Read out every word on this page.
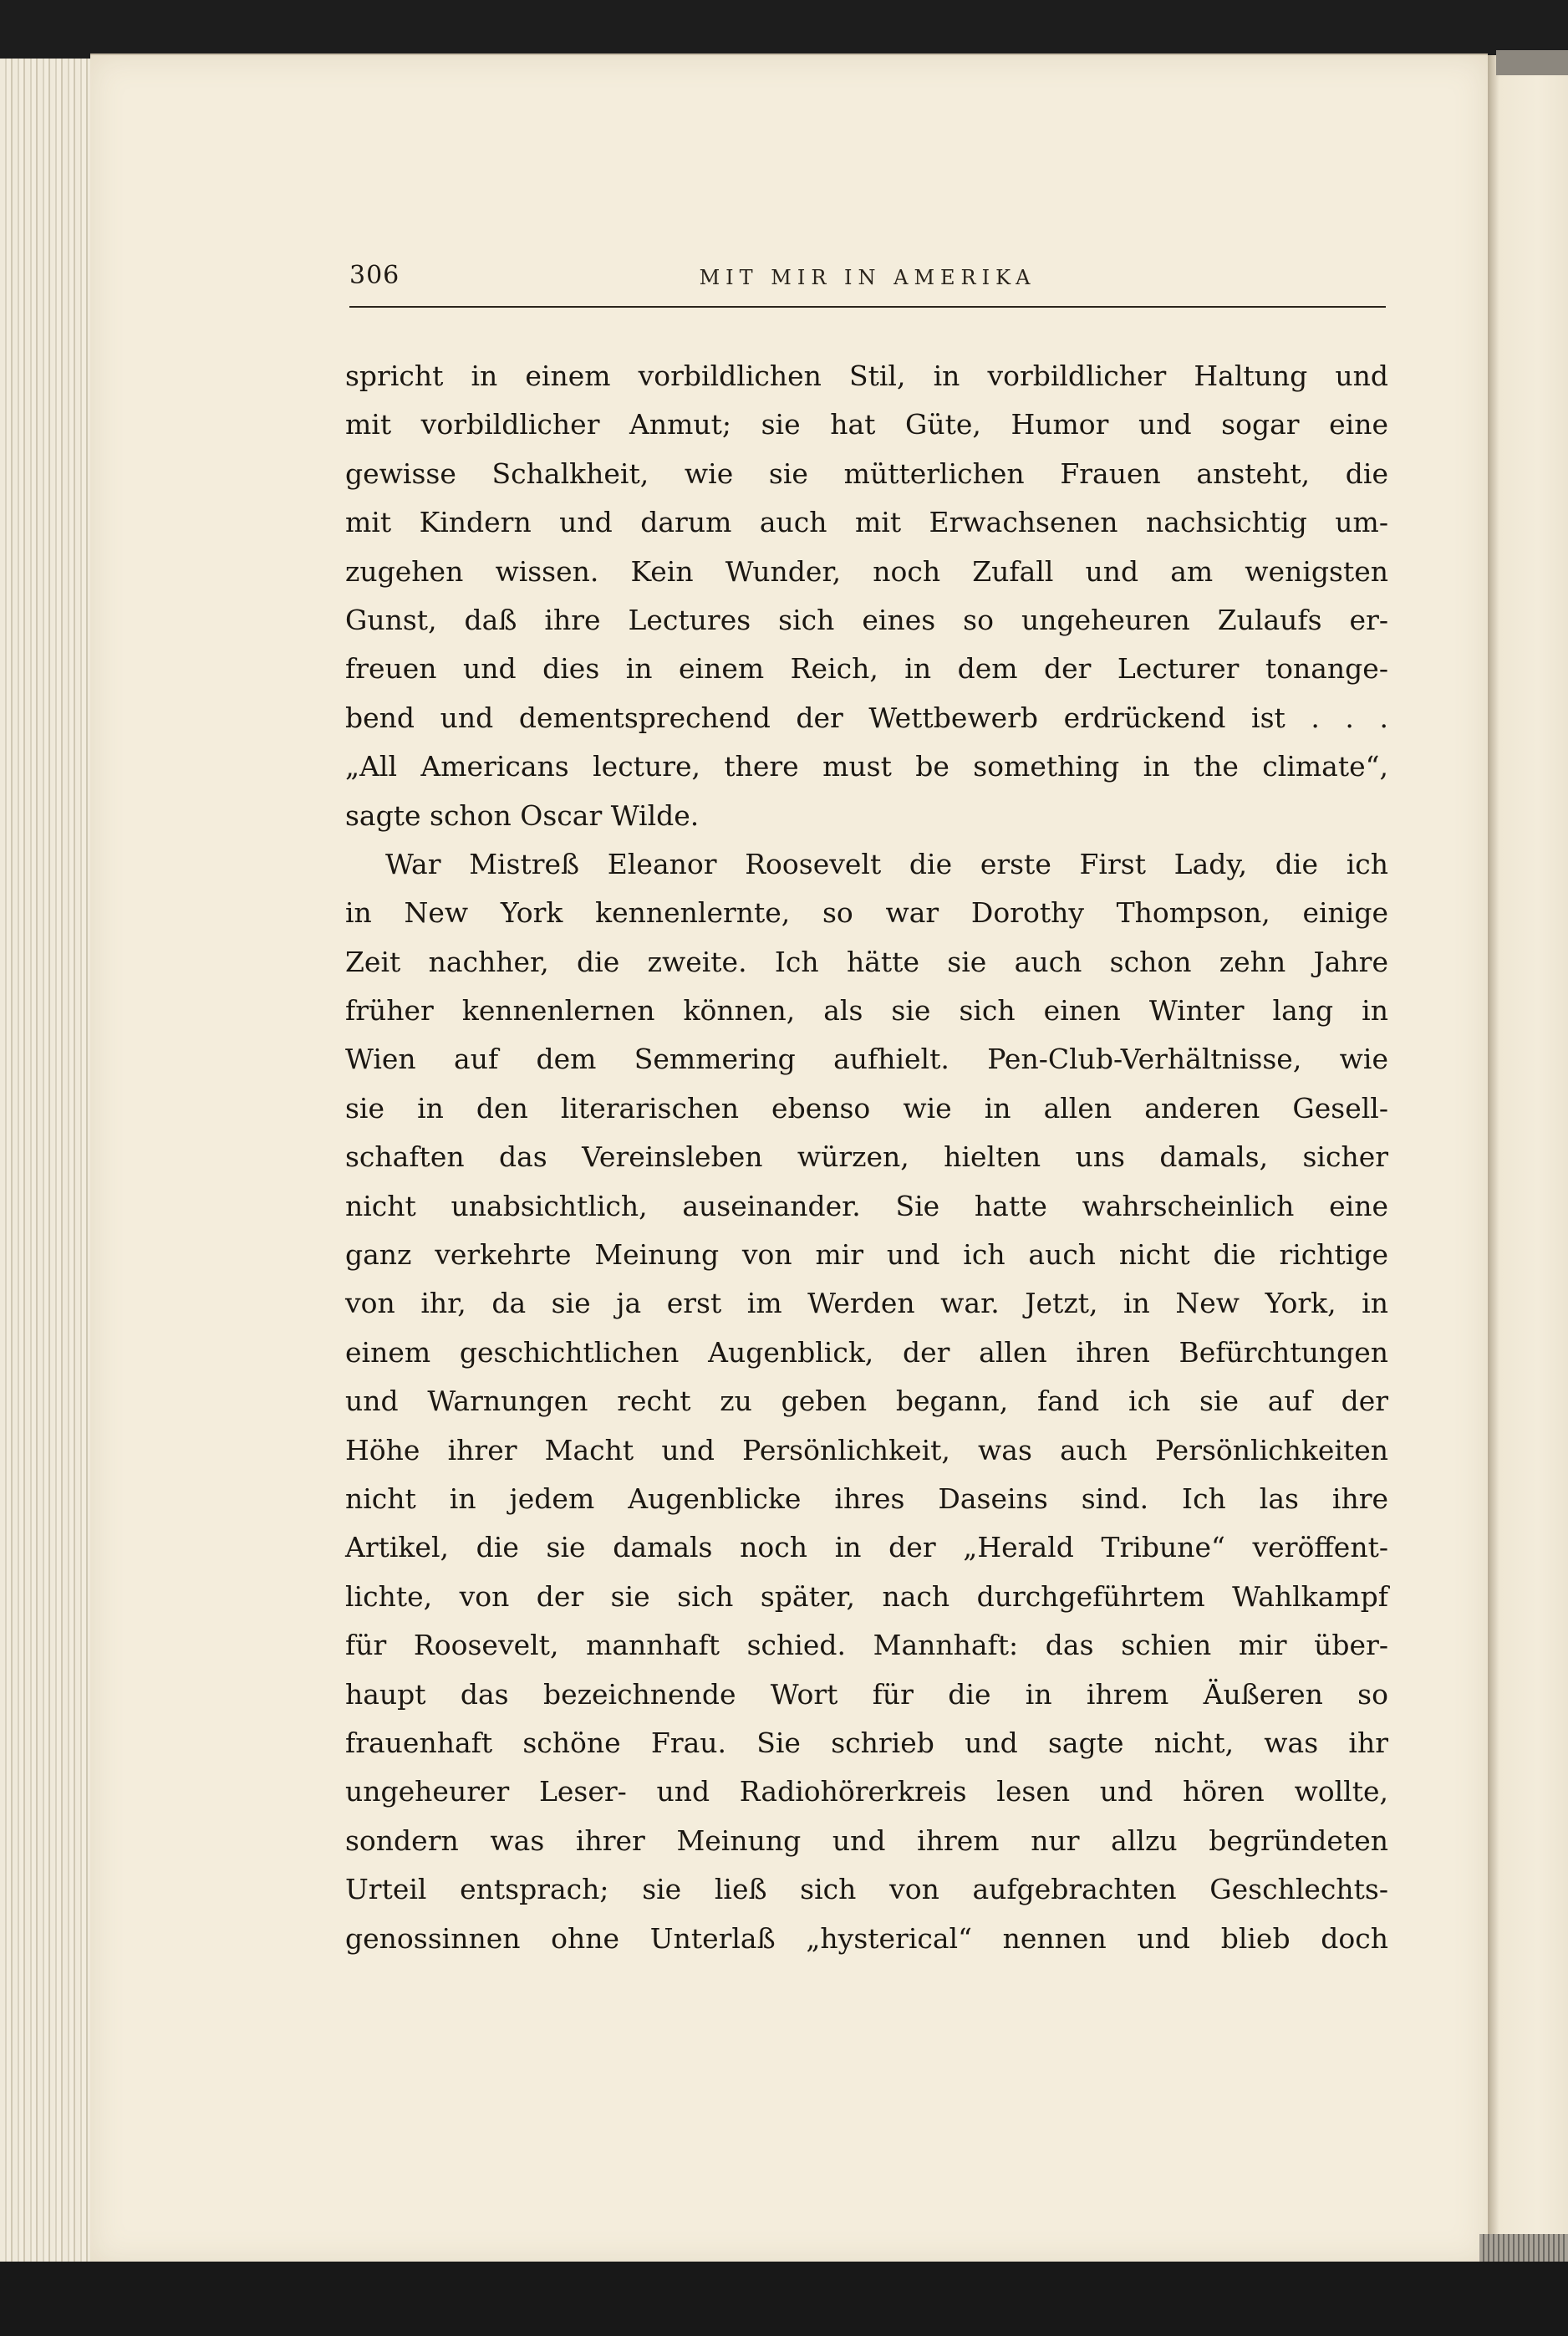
306	MIT MIR IN AMERIKA
spricht in einem vorbildlichen Stil, in vorbildlicher Haltung und
mit vorbildlicher Anmut; sie hat Güte, Humor und sogar eine
gewisse Schalkheit, wie sie mütterlichen Frauen ansteht, die
mit Kindern und darum auch mit Erwachsenen nachsichtig um-
zugehen wissen. Kein Wunder, noch Zufall und am wenigsten
Gunst, daß ihre Lectures sich eines so ungeheuren Zulaufs er-
freuen und dies in einem Reich, in dem der Lecturer tonange-
bend und dementsprechend der Wettbewerb erdrückend ist . . .
„All Americans lecture, there must be something in the climate“,
sagte schon Oscar Wilde.
War Mistreß Eleanor Roosevelt die erste First Lady, die ich
in New York kennenlernte, so war Dorothy Thompson, einige
Zeit nachher, die zweite. Ich hätte sie auch schon zehn Jahre
früher kennenlernen können, als sie sich einen Winter lang in
Wien auf dem Semmering aufhielt. Pen-Club-Verhältnisse, wie
sie in den literarischen ebenso wie in allen anderen Gesell-
schaften das Vereinsleben würzen, hielten uns damals, sicher
nicht unabsichtlich, auseinander. Sie hatte wahrscheinlich eine
ganz verkehrte Meinung von mir und ich auch nicht die richtige
von ihr, da sie ja erst im Werden war. Jetzt, in New York, in
einem geschichtlichen Augenblick, der allen ihren Befürchtungen
und Warnungen recht zu geben begann, fand ich sie auf der
Höhe ihrer Macht und Persönlichkeit, was auch Persönlichkeiten
nicht in jedem Augenblicke ihres Daseins sind. Ich las ihre
Artikel, die sie damals noch in der „Herald Tribune“ veröffent-
lichte, von der sie sich später, nach durchgeführtem Wahlkampf
für Roosevelt, mannhaft schied. Mannhaft: das schien mir über-
haupt das bezeichnende Wort für die in ihrem Äußeren so
frauenhaft schöne Frau. Sie schrieb und sagte nicht, was ihr
ungeheurer Leser- und Radiohörerkreis lesen und hören wollte,
sondern was ihrer Meinung und ihrem nur allzu begründeten
Urteil entsprach; sie ließ sich von aufgebrachten Geschlechts-
genossinnen ohne Unterlaß „hysterical“ nennen und blieb doch
